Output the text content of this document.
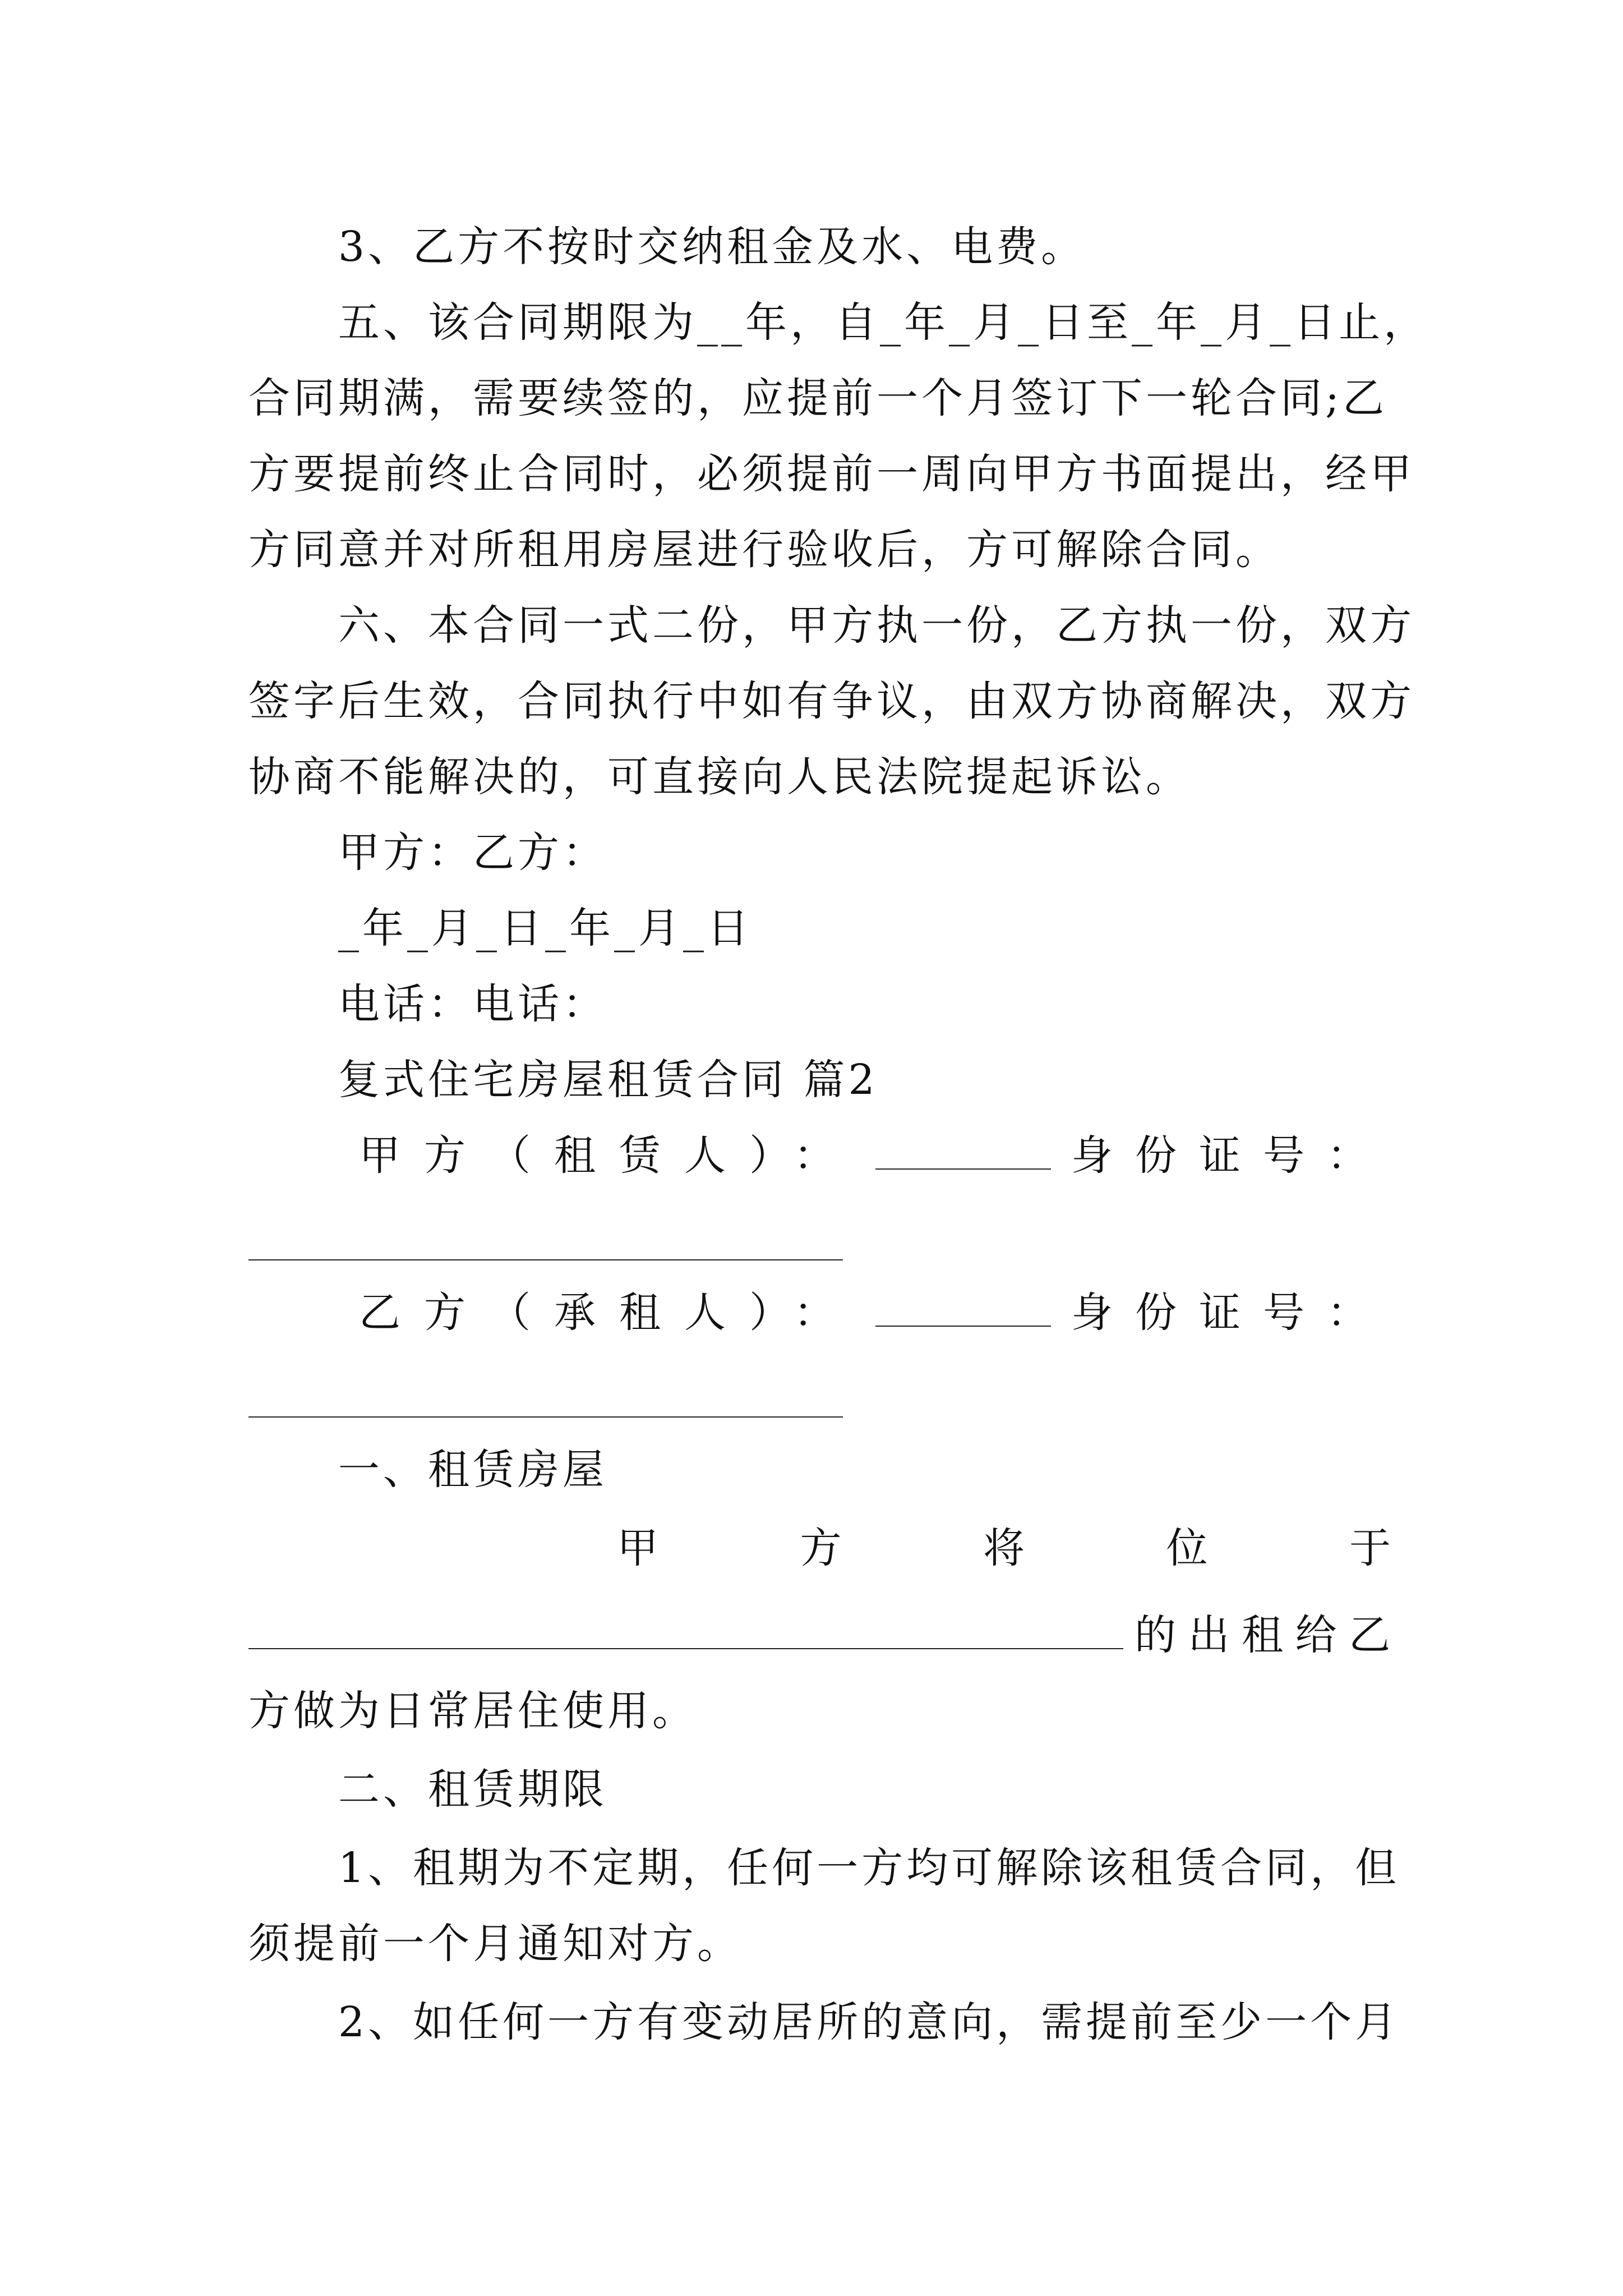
3、乙方不按时交纳租金及水、电费。
五、该合同期限为__年，自_年_月_日至_年_月_日止，
合同期满，需要续签的，应提前一个月签订下一轮合同;乙
方要提前终止合同时，必须提前一周向甲方书面提出，经甲
方同意并对所租用房屋进行验收后，方可解除合同。
六、本合同一式二份，甲方执一份，乙方执一份，双方
签字后生效，合同执行中如有争议，由双方协商解决，双方
协商不能解决的，可直接向人民法院提起诉讼。
甲方：乙方：
_年_月_日_年_月_日
电话：电话：
复式住宅房屋租赁合同 篇2
甲方（租赁人）：	身份证号：
乙方（承租人）：	身份证号：
一、租赁房屋
甲	方	将	位	于
的 出 租 给 乙
方做为日常居住使用。
二、租赁期限
1、租期为不定期，任何一方均可解除该租赁合同，但
须提前一个月通知对方。
2、如任何一方有变动居所的意向，需提前至少一个月
